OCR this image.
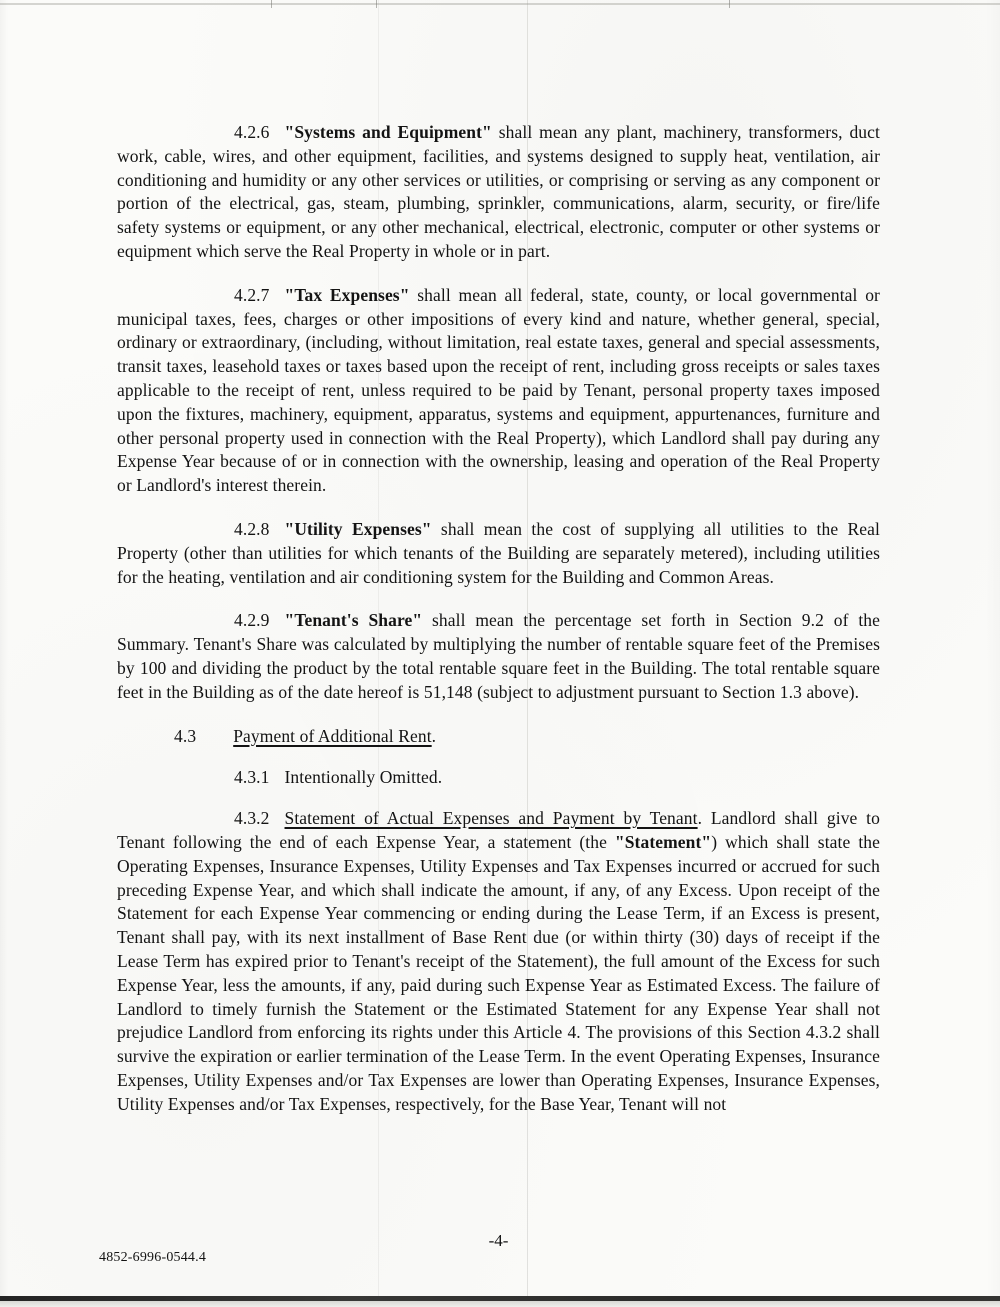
4.2.6 "Systems and Equipment" shall mean any plant, machinery, transformers, duct work, cable, wires, and other equipment, facilities, and systems designed to supply heat, ventilation, air conditioning and humidity or any other services or utilities, or comprising or serving as any component or portion of the electrical, gas, steam, plumbing, sprinkler, communications, alarm, security, or fire/life safety systems or equipment, or any other mechanical, electrical, electronic, computer or other systems or equipment which serve the Real Property in whole or in part.

4.2.7 "Tax Expenses" shall mean all federal, state, county, or local governmental or municipal taxes, fees, charges or other impositions of every kind and nature, whether general, special, ordinary or extraordinary, (including, without limitation, real estate taxes, general and special assessments, transit taxes, leasehold taxes or taxes based upon the receipt of rent, including gross receipts or sales taxes applicable to the receipt of rent, unless required to be paid by Tenant, personal property taxes imposed upon the fixtures, machinery, equipment, apparatus, systems and equipment, appurtenances, furniture and other personal property used in connection with the Real Property), which Landlord shall pay during any Expense Year because of or in connection with the ownership, leasing and operation of the Real Property or Landlord's interest therein.

4.2.8 "Utility Expenses" shall mean the cost of supplying all utilities to the Real Property (other than utilities for which tenants of the Building are separately metered), including utilities for the heating, ventilation and air conditioning system for the Building and Common Areas.

4.2.9 "Tenant's Share" shall mean the percentage set forth in Section 9.2 of the Summary. Tenant's Share was calculated by multiplying the number of rentable square feet of the Premises by 100 and dividing the product by the total rentable square feet in the Building. The total rentable square feet in the Building as of the date hereof is 51,148 (subject to adjustment pursuant to Section 1.3 above).

4.3 Payment of Additional Rent.

4.3.1 Intentionally Omitted.

4.3.2 Statement of Actual Expenses and Payment by Tenant. Landlord shall give to Tenant following the end of each Expense Year, a statement (the "Statement") which shall state the Operating Expenses, Insurance Expenses, Utility Expenses and Tax Expenses incurred or accrued for such preceding Expense Year, and which shall indicate the amount, if any, of any Excess. Upon receipt of the Statement for each Expense Year commencing or ending during the Lease Term, if an Excess is present, Tenant shall pay, with its next installment of Base Rent due (or within thirty (30) days of receipt if the Lease Term has expired prior to Tenant's receipt of the Statement), the full amount of the Excess for such Expense Year, less the amounts, if any, paid during such Expense Year as Estimated Excess. The failure of Landlord to timely furnish the Statement or the Estimated Statement for any Expense Year shall not prejudice Landlord from enforcing its rights under this Article 4. The provisions of this Section 4.3.2 shall survive the expiration or earlier termination of the Lease Term. In the event Operating Expenses, Insurance Expenses, Utility Expenses and/or Tax Expenses are lower than Operating Expenses, Insurance Expenses, Utility Expenses and/or Tax Expenses, respectively, for the Base Year, Tenant will not

-4-
4852-6996-0544.4
